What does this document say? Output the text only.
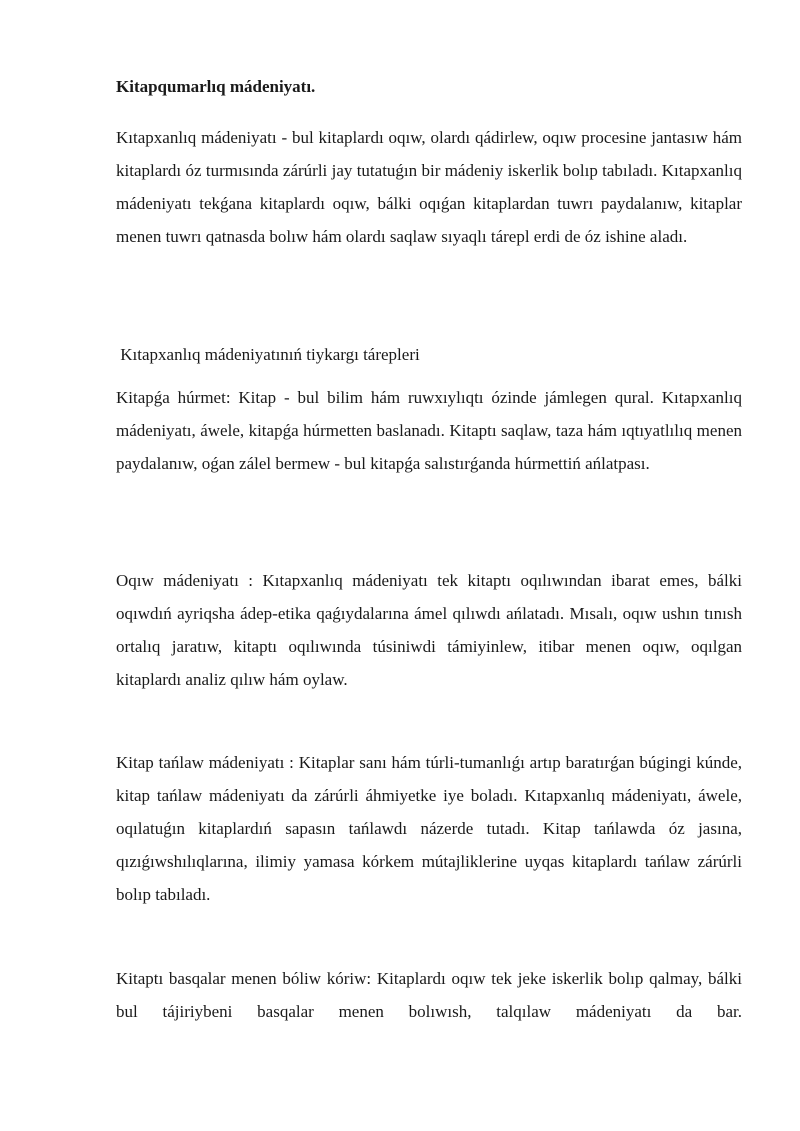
Kitapqumarlıq mádeniyatı.

Kıtapxanlıq mádeniyatı - bul kitaplardı oqıw, olardı qádirlew, oqıw procesine jantasıw hám kitaplardı óz turmısında zárúrli jay tutatuǵın bir mádeniy iskerlik bolıp tabıladı. Kıtapxanlıq mádeniyatı tekǵana kitaplardı oqıw, bálki oqıǵan kitaplardan tuwrı paydalanıw, kitaplar menen tuwrı qatnasda bolıw hám olardı saqlaw sıyaqlı tárepl erdi de óz ishine aladı.

Kıtapxanlıq mádeniyatınıń tiykargı tárepleri

Kitapǵa húrmet: Kitap - bul bilim hám ruwxıylıqtı ózinde jámlegen qural. Kıtapxanlıq mádeniyatı, áwele, kitapǵa húrmetten baslanadı. Kitaptı saqlaw, taza hám ıqtıyatlılıq menen paydalanıw, oǵan zálel bermew - bul kitapǵa salıstırǵanda húrmettiń ańlatpası.

Oqıw mádeniyatı : Kıtapxanlıq mádeniyatı tek kitaptı oqılıwından ibarat emes, bálki oqıwdıń ayriqsha ádep-etika qaǵıydalarına ámel qılıwdı ańlatadı. Mısalı, oqıw ushın tınısh ortalıq jaratıw, kitaptı oqılıwında túsiniwdi támiyinlew, itibar menen oqıw, oqılgan kitaplardı analiz qılıw hám oylaw.

Kitap tańlaw mádeniyatı : Kitaplar sanı hám túrli-tumanlıǵı artıp baratırǵan búgingi kúnde, kitap tańlaw mádeniyatı da zárúrli áhmiyetke iye boladı. Kıtapxanlıq mádeniyatı, áwele, oqılatuǵın kitaplardıń sapasın tańlawdı názerde tutadı. Kitap tańlawda óz jasına, qızıǵıwshılıqlarına, ilimiy yamasa kórkem mútajliklerine uyqas kitaplardı tańlaw zárúrli bolıp tabıladı.

Kitaptı basqalar menen bóliw kóriw: Kitaplardı oqıw tek jeke iskerlik bolıp qalmay, bálki bul tájiriybeni basqalar menen bolıwısh, talqılaw mádeniyatı da bar.
